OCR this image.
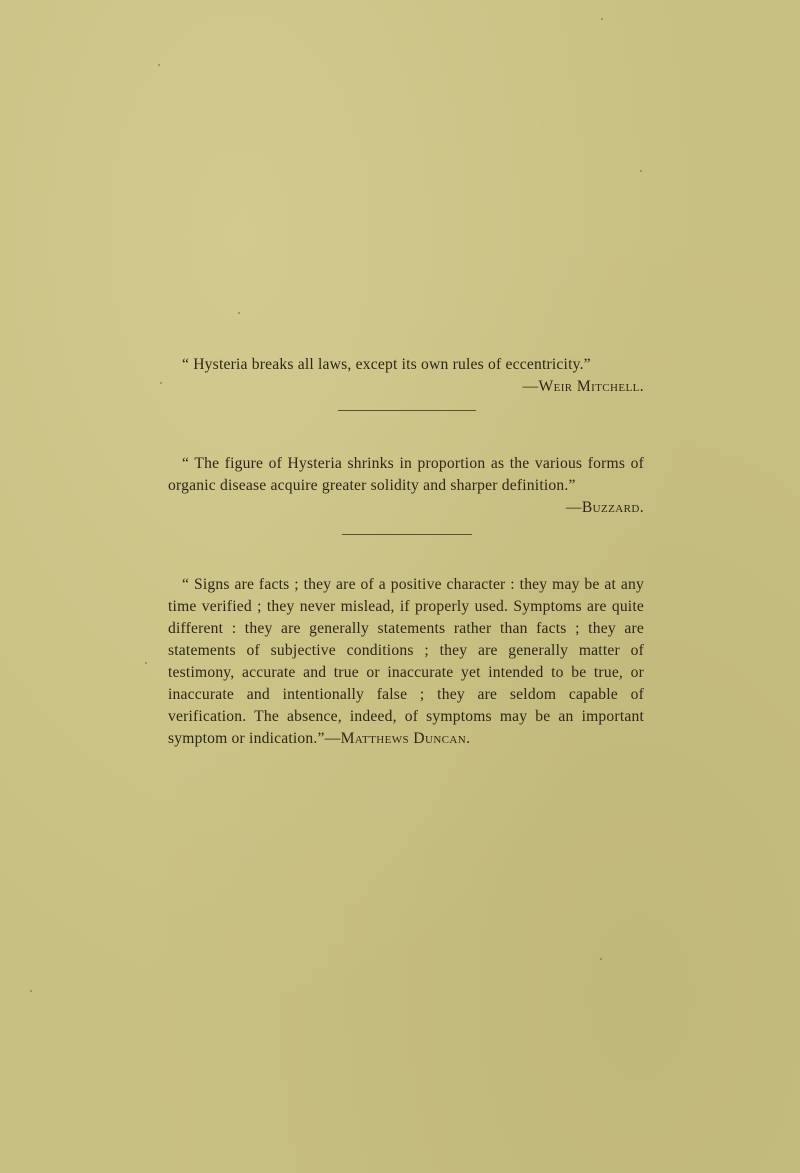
“ Hysteria breaks all laws, except its own rules of eccentricity.”

—Weir Mitchell.

“ The figure of Hysteria shrinks in proportion as the various forms of organic disease acquire greater solidity and sharper definition.”

—Buzzard.

“ Signs are facts ; they are of a positive character : they may be at any time verified ; they never mislead, if properly used. Symptoms are quite different : they are generally statements rather than facts ; they are statements of subjective conditions ; they are generally matter of testimony, accurate and true or inaccurate yet intended to be true, or inaccurate and intentionally false ; they are seldom capable of verification. The absence, indeed, of symptoms may be an important symptom or indication.”—Matthews Duncan.
